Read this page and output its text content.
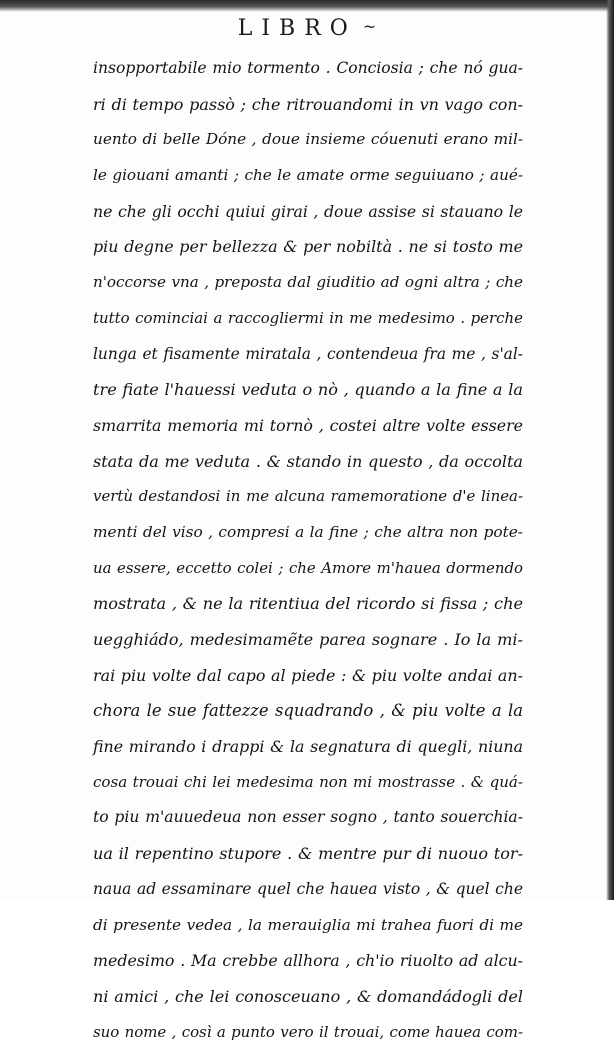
LIBRO ~
insopportabile mio tormento . Conciosia ; che nó gua-
ri di tempo passò ; che ritrouandomi in vn vago con-
uento di belle Dóne , doue insieme cóuenuti erano mil-
le giouani amanti ; che le amate orme seguiuano ; aué-
ne che gli occhi quiui girai , doue assise si stauano le
piu degne per bellezza & per nobiltà . ne si tosto me
n'occorse vna , preposta dal giuditio ad ogni altra ; che
tutto cominciai a raccogliermi in me medesimo . perche
lunga et fisamente miratala , contendeua fra me , s'al-
tre fiate l'hauessi veduta o nò , quando a la fine a la
smarrita memoria mi tornò , costei altre volte essere
stata da me veduta . & stando in questo , da occolta
vertù destandosi in me alcuna ramemoratione d'e linea-
menti del viso , compresi a la fine ; che altra non pote-
ua essere, eccetto colei ; che Amore m'hauea dormendo
mostrata , & ne la ritentiua del ricordo si fissa ; che
uegghiádo, medesimamẽte parea sognare . Io la mi-
rai piu volte dal capo al piede : & piu volte andai an-
chora le sue fattezze squadrando , & piu volte a la
fine mirando i drappi & la segnatura di quegli, niuna
cosa trouai chi lei medesima non mi mostrasse . & quá-
to piu m'auuedeua non esser sogno , tanto souerchia-
ua il repentino stupore . & mentre pur di nuouo tor-
naua ad essaminare quel che hauea visto , & quel che
di presente vedea , la merauiglia mi trahea fuori di me
medesimo . Ma crebbe allhora , ch'io riuolto ad alcu-
ni amici , che lei conosceuano , & domandádogli del
suo nome , così a punto vero il trouai, come hauea com-
